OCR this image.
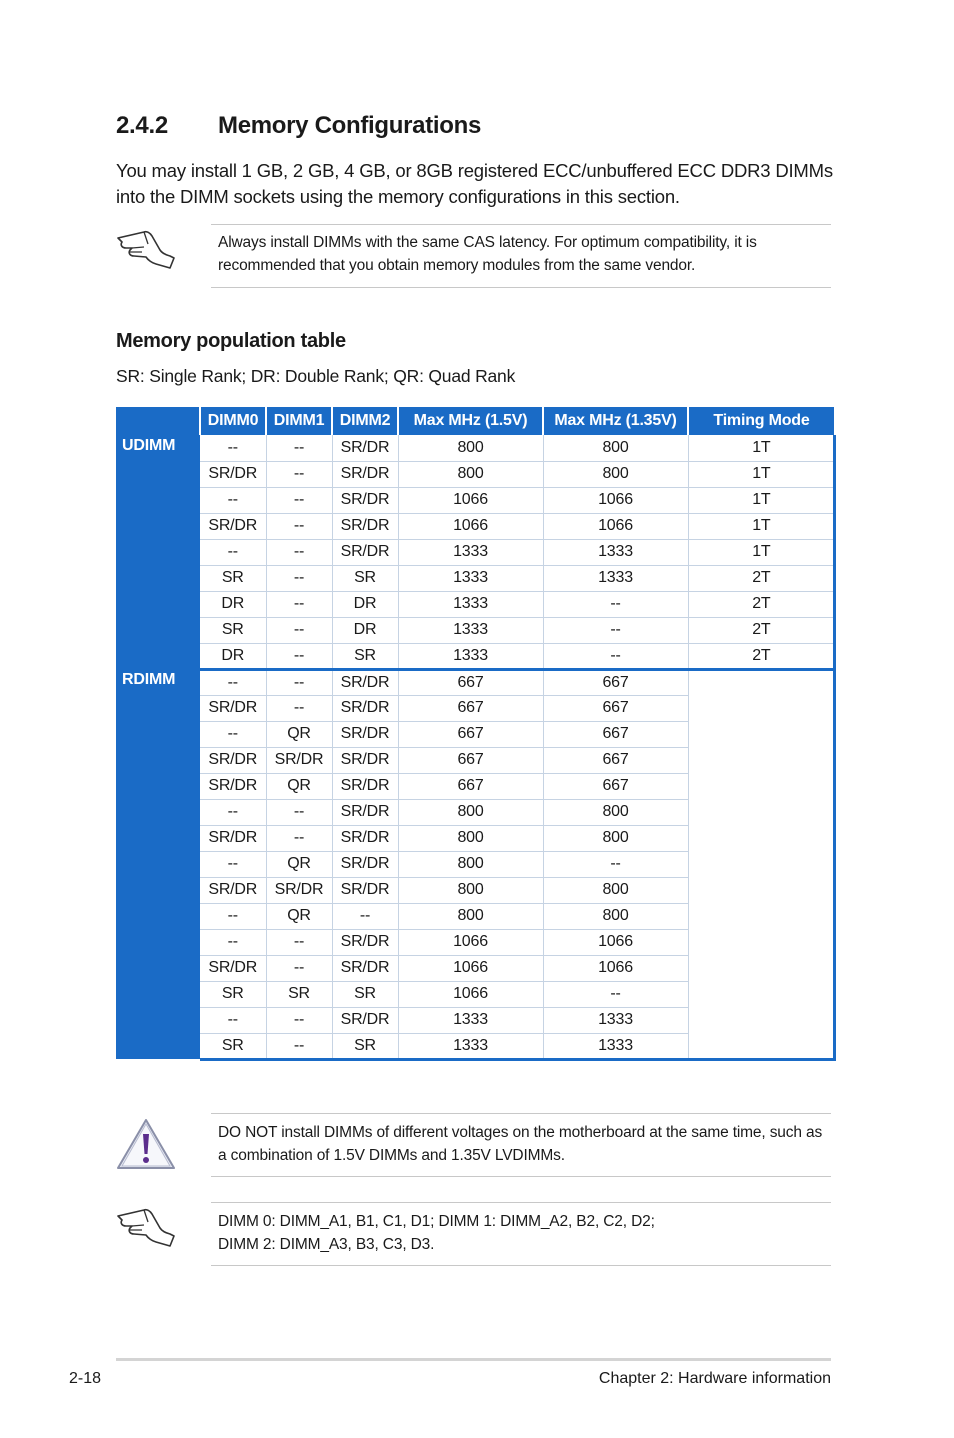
2.4.2 Memory Configurations

You may install 1 GB, 2 GB, 4 GB, or 8GB registered ECC/unbuffered ECC DDR3 DIMMs into the DIMM sockets using the memory configurations in this section.

Always install DIMMs with the same CAS latency. For optimum compatibility, it is recommended that you obtain memory modules from the same vendor.
Memory population table
SR: Single Rank; DR: Double Rank; QR: Quad Rank
	DIMM0	DIMM1	DIMM2	Max MHz (1.5V)	Max MHz (1.35V)	Timing Mode
UDIMM	--	--	SR/DR	800	800	1T
	SR/DR	--	SR/DR	800	800	1T
	--	--	SR/DR	1066	1066	1T
	SR/DR	--	SR/DR	1066	1066	1T
	--	--	SR/DR	1333	1333	1T
	SR	--	SR	1333	1333	2T
	DR	--	DR	1333	--	2T
	SR	--	DR	1333	--	2T
	DR	--	SR	1333	--	2T
RDIMM	--	--	SR/DR	667	667	
	SR/DR	--	SR/DR	667	667	
	--	QR	SR/DR	667	667	
	SR/DR	SR/DR	SR/DR	667	667	
	SR/DR	QR	SR/DR	667	667	
	--	--	SR/DR	800	800	
	SR/DR	--	SR/DR	800	800	
	--	QR	SR/DR	800	--	
	SR/DR	SR/DR	SR/DR	800	800	
	--	QR	--	800	800	
	--	--	SR/DR	1066	1066	
	SR/DR	--	SR/DR	1066	1066	
	SR	SR	SR	1066	--	
	--	--	SR/DR	1333	1333	
	SR	--	SR	1333	1333	
DO NOT install DIMMs of different voltages on the motherboard at the same time, such as a combination of 1.5V DIMMs and 1.35V LVDIMMs.
DIMM 0: DIMM_A1, B1, C1, D1; DIMM 1: DIMM_A2, B2, C2, D2;
DIMM 2: DIMM_A3, B3, C3, D3.
2-18	Chapter 2: Hardware information
